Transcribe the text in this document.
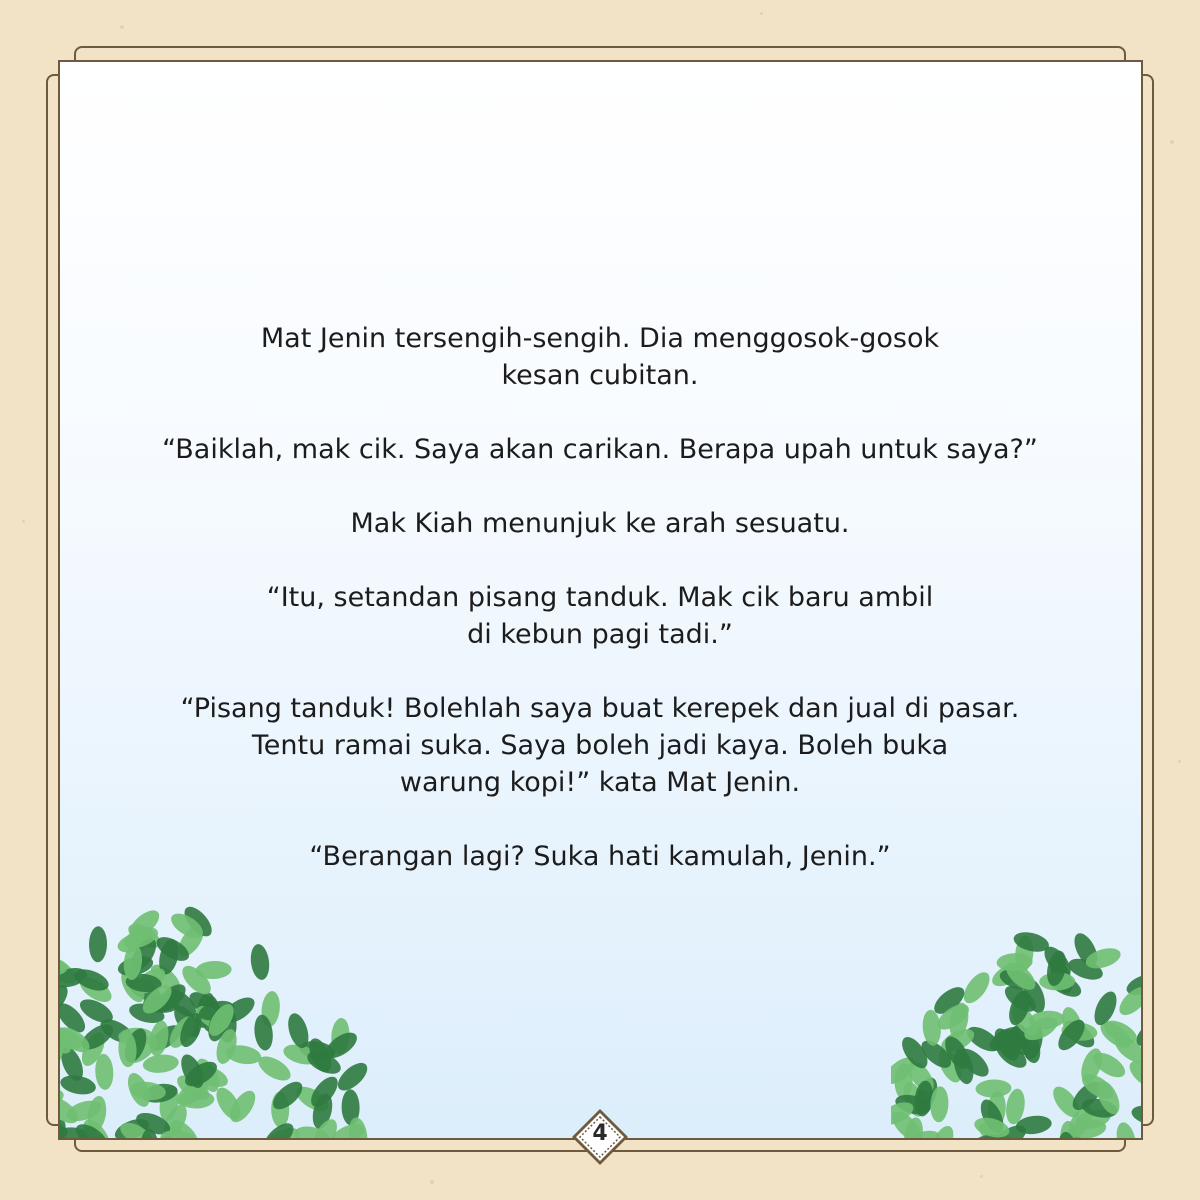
Mat Jenin tersengih-sengih. Dia menggosok-gosok
kesan cubitan.
“Baiklah, mak cik. Saya akan carikan. Berapa upah untuk saya?”
Mak Kiah menunjuk ke arah sesuatu.
“Itu, setandan pisang tanduk. Mak cik baru ambil
di kebun pagi tadi.”
“Pisang tanduk! Bolehlah saya buat kerepek dan jual di pasar.
Tentu ramai suka. Saya boleh jadi kaya. Boleh buka
warung kopi!” kata Mat Jenin.
“Berangan lagi? Suka hati kamulah, Jenin.”
4
